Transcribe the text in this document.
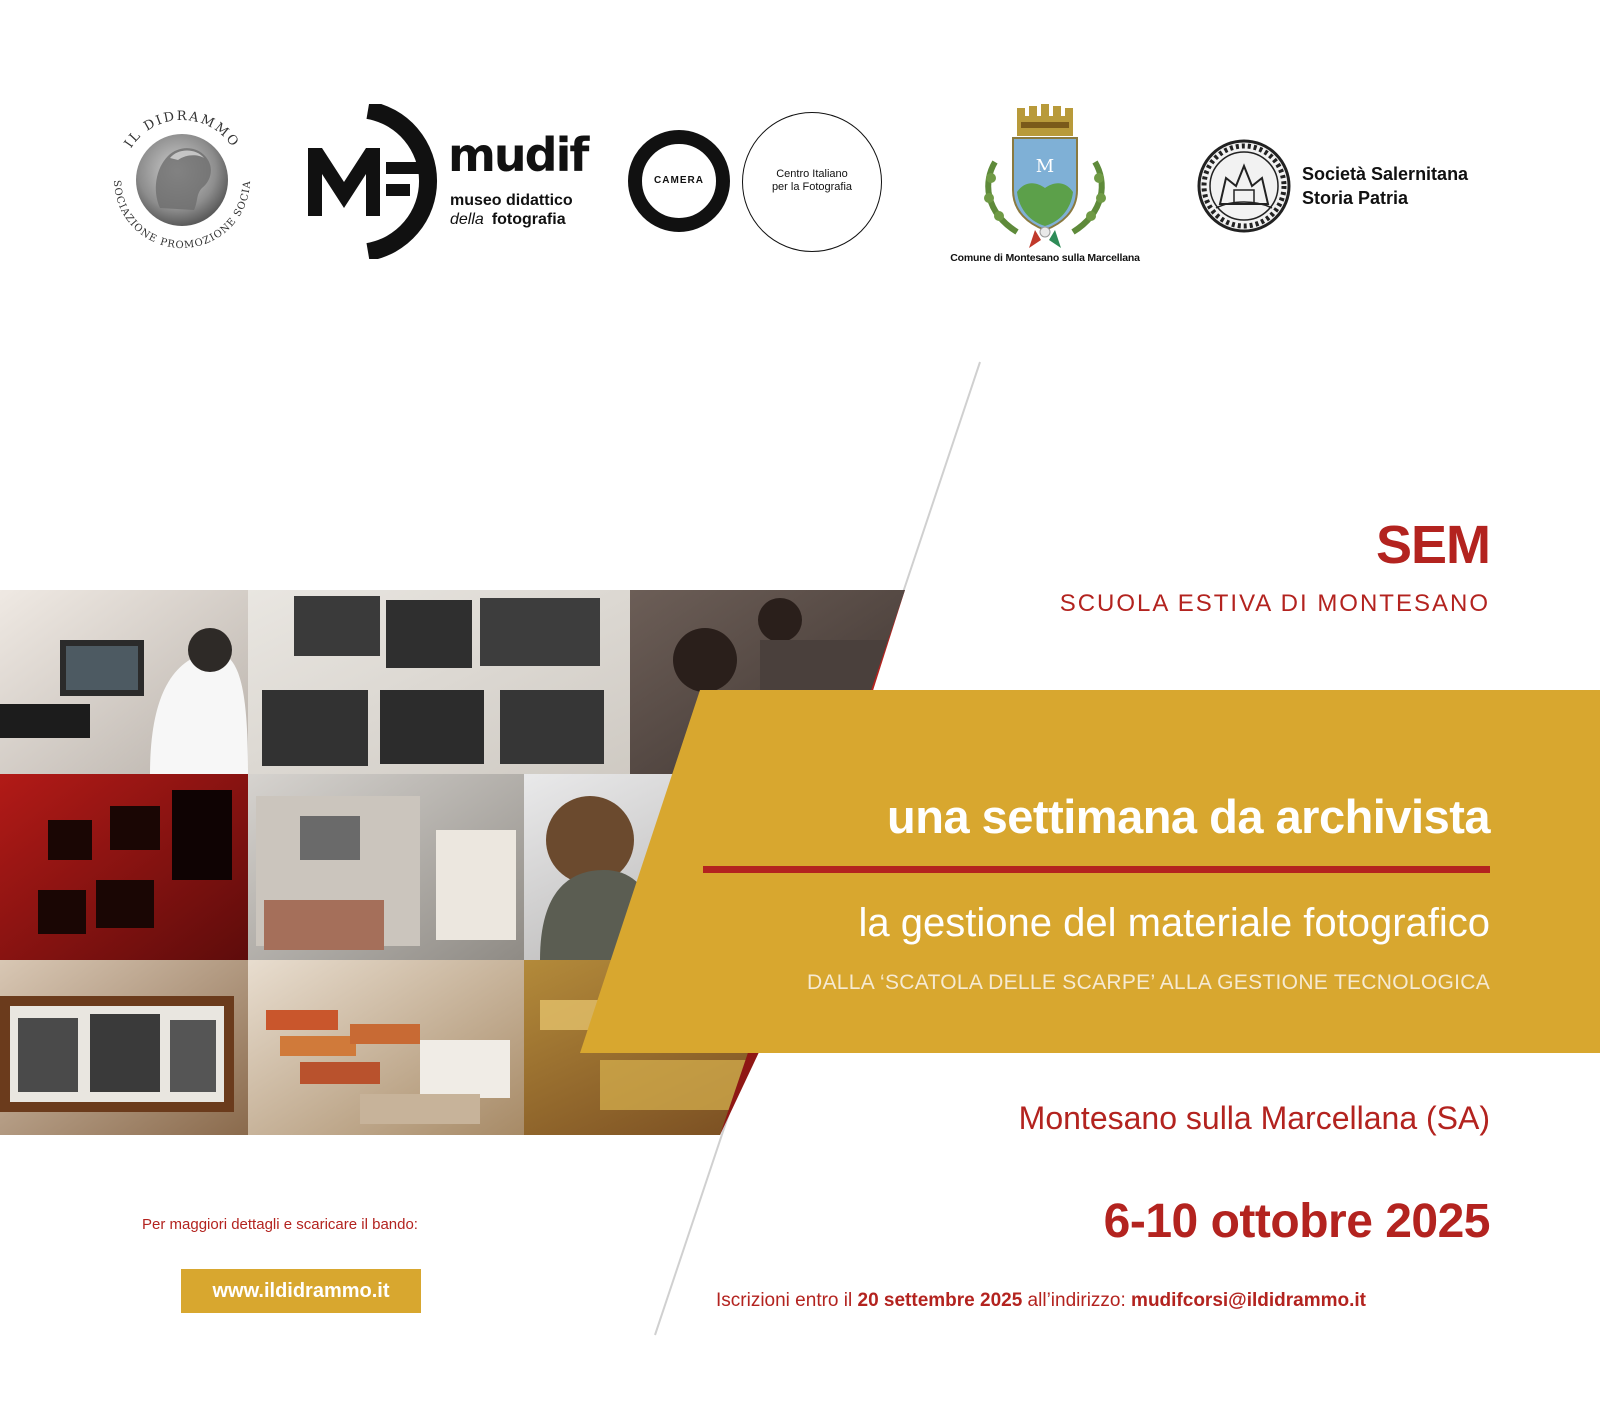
IL DIDRAMMO
SOCIAZIONE PROMOZIONE SOCIA
mudif
museo didattico
della fotografia
CAMERA
Centro Italiano
per la Fotografia
M
Comune di Montesano sulla Marcellana
Società Salernitana
Storia Patria
SEM
SCUOLA ESTIVA DI MONTESANO
una settimana da archivista
la gestione del materiale fotografico
DALLA ‘SCATOLA DELLE SCARPE’ ALLA GESTIONE TECNOLOGICA
Montesano sulla Marcellana (SA)
6-10 ottobre 2025
Iscrizioni entro il 20 settembre 2025 all’indirizzo: mudifcorsi@ildidrammo.it
Per maggiori dettagli e scaricare il bando:
www.ildidrammo.it
